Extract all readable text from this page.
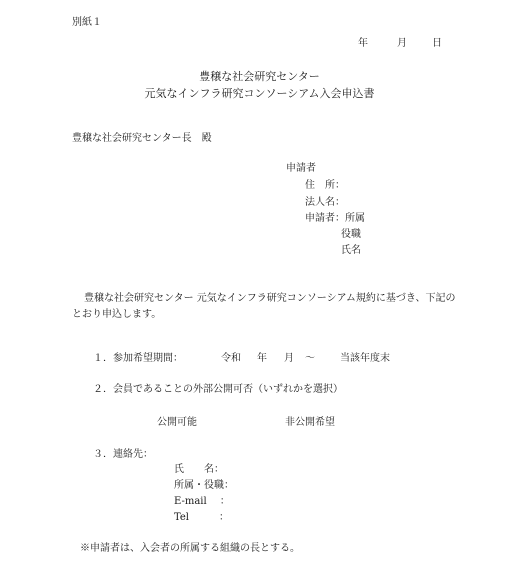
別紙１
年	月	日
豊穣な社会研究センター
元気なインフラ研究コンソーシアム入会申込書
豊穣な社会研究センター長　殿
申請者
住　所：
法人名：
申請者：所属
役職
氏名
豊穣な社会研究センター 元気なインフラ研究コンソーシアム規約に基づき、下記の
とおり申込します。
１．参加希望期間：	令和 年 月 ～	当該年度末
２．会員であることの外部公開可否（いずれかを選択）
公開可能	非公開希望
３．連絡先：
氏　　名：
所属・役職：
E-mail　 ：
Tel　　　：
※申請者は、入会者の所属する組織の長とする。
